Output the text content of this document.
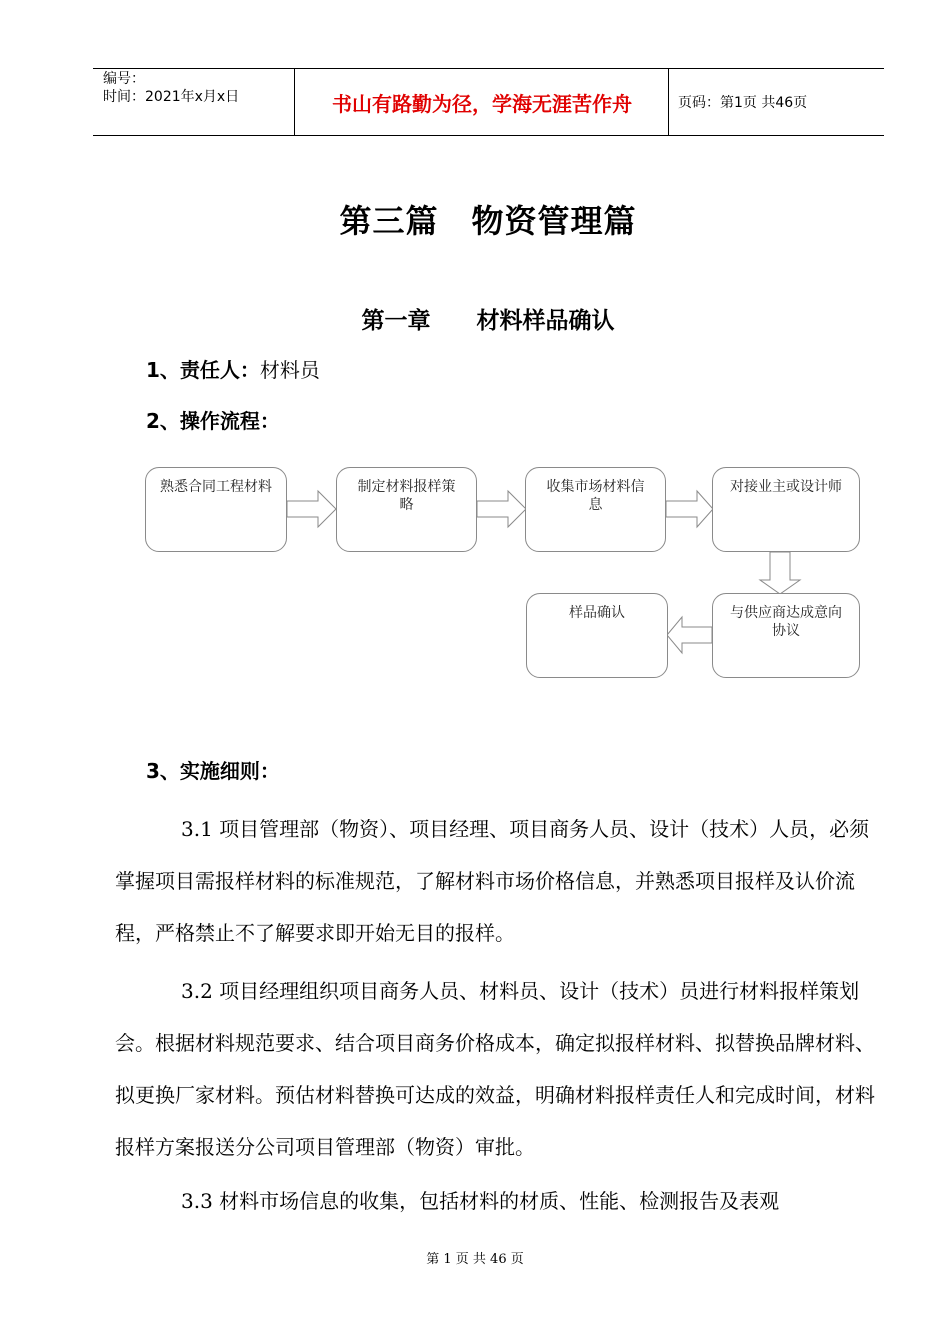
编号：
时间：2021年x月x日	书山有路勤为径，学海无涯苦作舟	页码：第1页 共46页
第三篇　物资管理篇
第一章　　材料样品确认
1、责任人：材料员
2、操作流程：
熟悉合同工程材料	制定材料报样策略
收集市场材料信息
对接业主或设计师
与供应商达成意向协议
样品确认
3、实施细则：
3.1 项目管理部（物资）、项目经理、项目商务人员、设计（技术）人员，必须掌握项目需报样材料的标准规范，了解材料市场价格信息，并熟悉项目报样及认价流程，严格禁止不了解要求即开始无目的报样。
3.2 项目经理组织项目商务人员、材料员、设计（技术）员进行材料报样策划会。根据材料规范要求、结合项目商务价格成本，确定拟报样材料、拟替换品牌材料、拟更换厂家材料。预估材料替换可达成的效益，明确材料报样责任人和完成时间，材料报样方案报送分公司项目管理部（物资）审批。
3.3 材料市场信息的收集，包括材料的材质、性能、检测报告及表观
第 1 页 共 46 页
